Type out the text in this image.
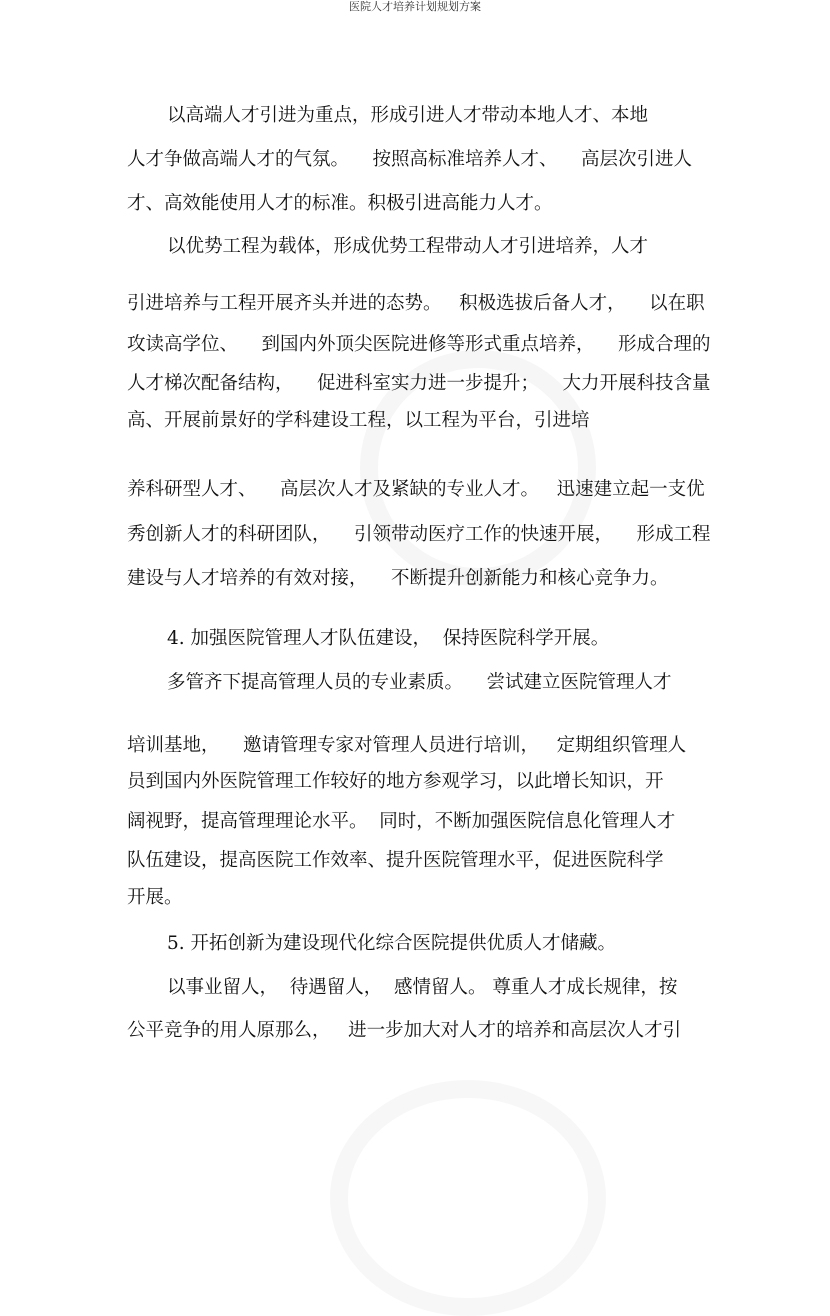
医院人才培养计划规划方案
以高端人才引进为重点，形成引进人才带动本地人才、本地
人才争做高端人才的气氛。    按照高标准培养人才、    高层次引进人
才、高效能使用人才的标准。积极引进高能力人才。
以优势工程为载体，形成优势工程带动人才引进培养，人才
引进培养与工程开展齐头并进的态势。   积极选拔后备人才，    以在职
攻读高学位、    到国内外顶尖医院进修等形式重点培养，    形成合理的
人才梯次配备结构，    促进科室实力进一步提升；    大力开展科技含量
高、开展前景好的学科建设工程，以工程为平台，引进培
养科研型人才、    高层次人才及紧缺的专业人才。   迅速建立起一支优
秀创新人才的科研团队，    引领带动医疗工作的快速开展，    形成工程
建设与人才培养的有效对接，    不断提升创新能力和核心竞争力。
4. 加强医院管理人才队伍建设，  保持医院科学开展。
多管齐下提高管理人员的专业素质。    尝试建立医院管理人才
培训基地，    邀请管理专家对管理人员进行培训，   定期组织管理人
员到国内外医院管理工作较好的地方参观学习，以此增长知识，开
阔视野，提高管理理论水平。  同时，不断加强医院信息化管理人才
队伍建设，提高医院工作效率、提升医院管理水平，促进医院科学
开展。
5. 开拓创新为建设现代化综合医院提供优质人才储藏。
以事业留人，  待遇留人，  感情留人。 尊重人才成长规律，按
公平竞争的用人原那么，   进一步加大对人才的培养和高层次人才引
